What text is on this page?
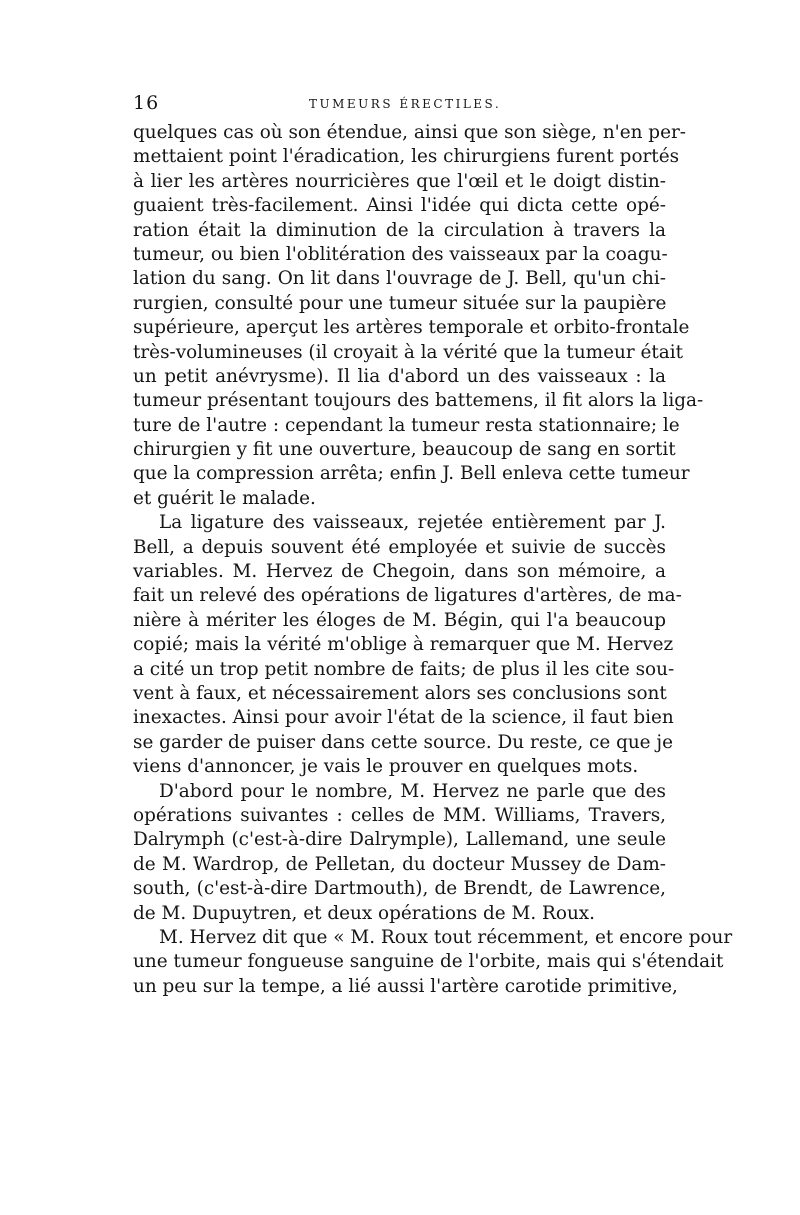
16	TUMEURS ÉRECTILES.
quelques cas où son étendue, ainsi que son siège, n'en per-
mettaient point l'éradication, les chirurgiens furent portés
à lier les artères nourricières que l'œil et le doigt distin-
guaient très-facilement. Ainsi l'idée qui dicta cette opé-
ration était la diminution de la circulation à travers la
tumeur, ou bien l'oblitération des vaisseaux par la coagu-
lation du sang. On lit dans l'ouvrage de J. Bell, qu'un chi-
rurgien, consulté pour une tumeur située sur la paupière
supérieure, aperçut les artères temporale et orbito-frontale
très-volumineuses (il croyait à la vérité que la tumeur était
un petit anévrysme). Il lia d'abord un des vaisseaux : la
tumeur présentant toujours des battemens, il fit alors la liga-
ture de l'autre : cependant la tumeur resta stationnaire; le
chirurgien y fit une ouverture, beaucoup de sang en sortit
que la compression arrêta; enfin J. Bell enleva cette tumeur
et guérit le malade.
La ligature des vaisseaux, rejetée entièrement par J.
Bell, a depuis souvent été employée et suivie de succès
variables. M. Hervez de Chegoin, dans son mémoire, a
fait un relevé des opérations de ligatures d'artères, de ma-
nière à mériter les éloges de M. Bégin, qui l'a beaucoup
copié; mais la vérité m'oblige à remarquer que M. Hervez
a cité un trop petit nombre de faits; de plus il les cite sou-
vent à faux, et nécessairement alors ses conclusions sont
inexactes. Ainsi pour avoir l'état de la science, il faut bien
se garder de puiser dans cette source. Du reste, ce que je
viens d'annoncer, je vais le prouver en quelques mots.
D'abord pour le nombre, M. Hervez ne parle que des
opérations suivantes : celles de MM. Williams, Travers,
Dalrymph (c'est-à-dire Dalrymple), Lallemand, une seule
de M. Wardrop, de Pelletan, du docteur Mussey de Dam-
south, (c'est-à-dire Dartmouth), de Brendt, de Lawrence,
de M. Dupuytren, et deux opérations de M. Roux.
M. Hervez dit que « M. Roux tout récemment, et encore pour
une tumeur fongueuse sanguine de l'orbite, mais qui s'étendait
un peu sur la tempe, a lié aussi l'artère carotide primitive,
